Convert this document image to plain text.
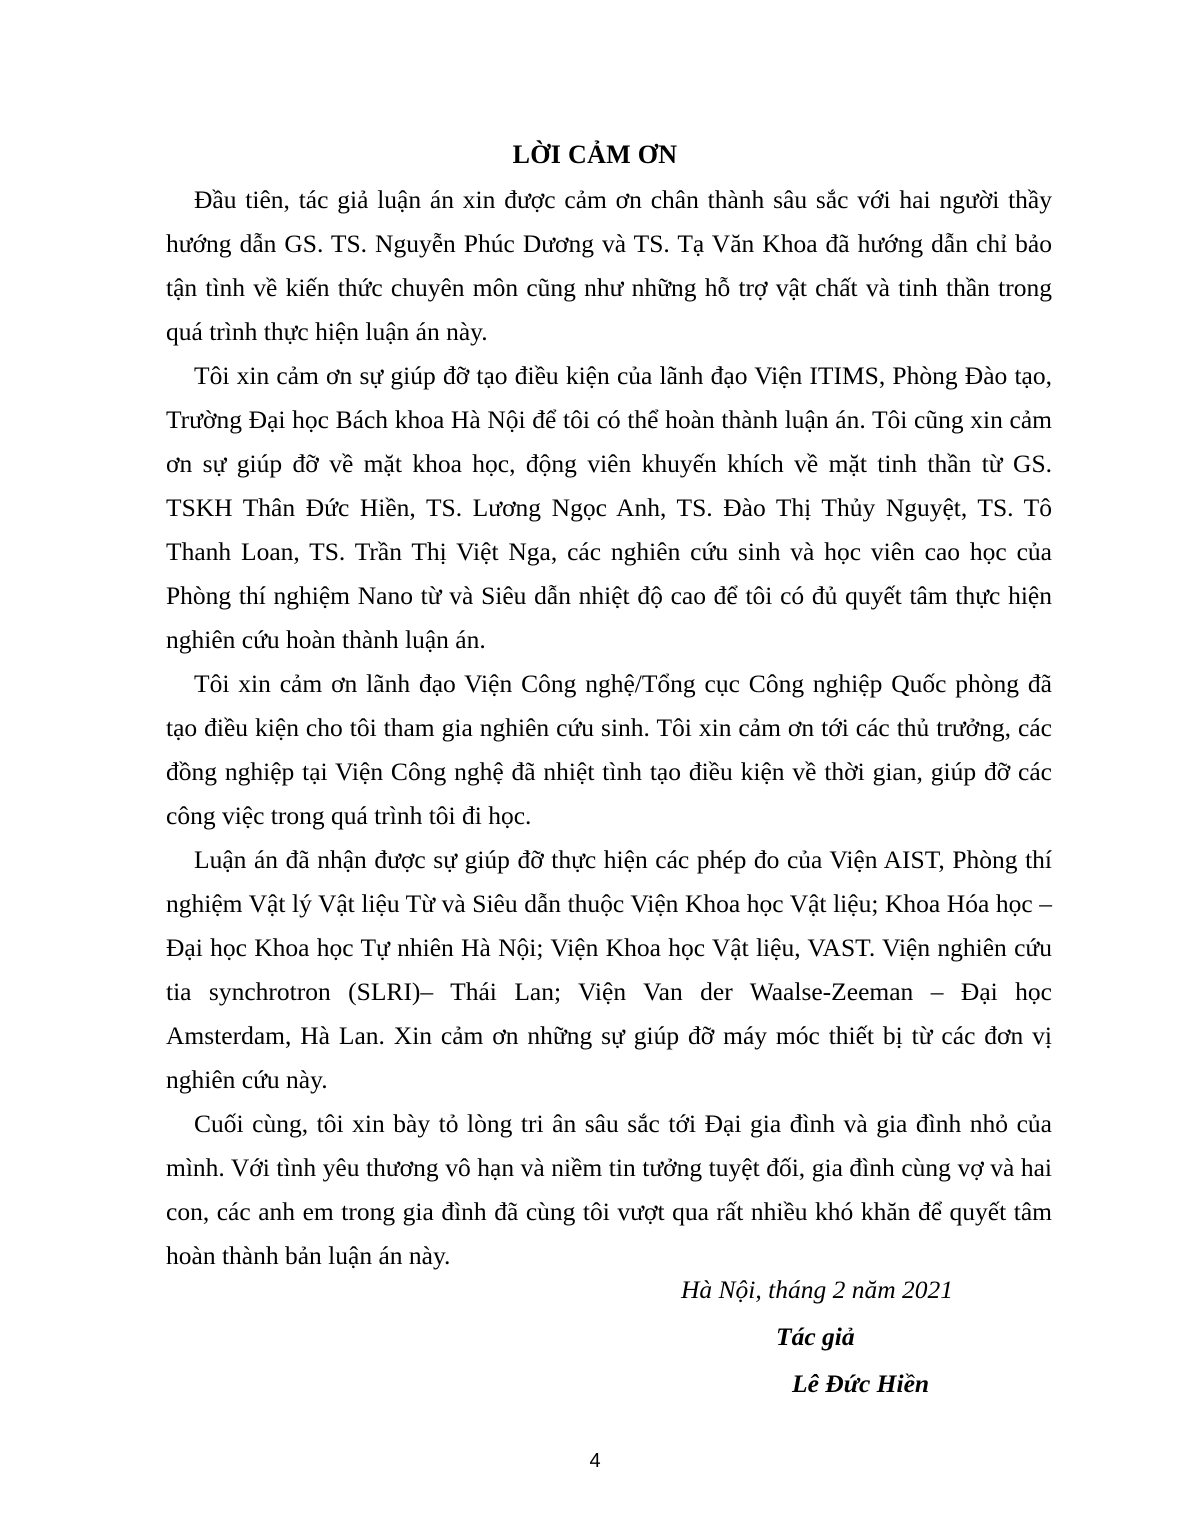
LỜI CẢM ƠN

Đầu tiên, tác giả luận án xin được cảm ơn chân thành sâu sắc với hai người thầy hướng dẫn GS. TS. Nguyễn Phúc Dương và TS. Tạ Văn Khoa đã hướng dẫn chỉ bảo tận tình về kiến thức chuyên môn cũng như những hỗ trợ vật chất và tinh thần trong quá trình thực hiện luận án này.

Tôi xin cảm ơn sự giúp đỡ tạo điều kiện của lãnh đạo Viện ITIMS, Phòng Đào tạo, Trường Đại học Bách khoa Hà Nội để tôi có thể hoàn thành luận án. Tôi cũng xin cảm ơn sự giúp đỡ về mặt khoa học, động viên khuyến khích về mặt tinh thần từ GS. TSKH Thân Đức Hiền, TS. Lương Ngọc Anh, TS. Đào Thị Thủy Nguyệt, TS. Tô Thanh Loan, TS. Trần Thị Việt Nga, các nghiên cứu sinh và học viên cao học của Phòng thí nghiệm Nano từ và Siêu dẫn nhiệt độ cao để tôi có đủ quyết tâm thực hiện nghiên cứu hoàn thành luận án.

Tôi xin cảm ơn lãnh đạo Viện Công nghệ/Tổng cục Công nghiệp Quốc phòng đã tạo điều kiện cho tôi tham gia nghiên cứu sinh. Tôi xin cảm ơn tới các thủ trưởng, các đồng nghiệp tại Viện Công nghệ đã nhiệt tình tạo điều kiện về thời gian, giúp đỡ các công việc trong quá trình tôi đi học.

Luận án đã nhận được sự giúp đỡ thực hiện các phép đo của Viện AIST, Phòng thí nghiệm Vật lý Vật liệu Từ và Siêu dẫn thuộc Viện Khoa học Vật liệu; Khoa Hóa học – Đại học Khoa học Tự nhiên Hà Nội; Viện Khoa học Vật liệu, VAST. Viện nghiên cứu tia synchrotron (SLRI)– Thái Lan; Viện Van der Waalse-Zeeman – Đại học Amsterdam, Hà Lan. Xin cảm ơn những sự giúp đỡ máy móc thiết bị từ các đơn vị nghiên cứu này.

Cuối cùng, tôi xin bày tỏ lòng tri ân sâu sắc tới Đại gia đình và gia đình nhỏ của mình. Với tình yêu thương vô hạn và niềm tin tưởng tuyệt đối, gia đình cùng vợ và hai con, các anh em trong gia đình đã cùng tôi vượt qua rất nhiều khó khăn để quyết tâm hoàn thành bản luận án này.

Hà Nội, tháng 2 năm 2021
Tác giả
Lê Đức Hiền
4
